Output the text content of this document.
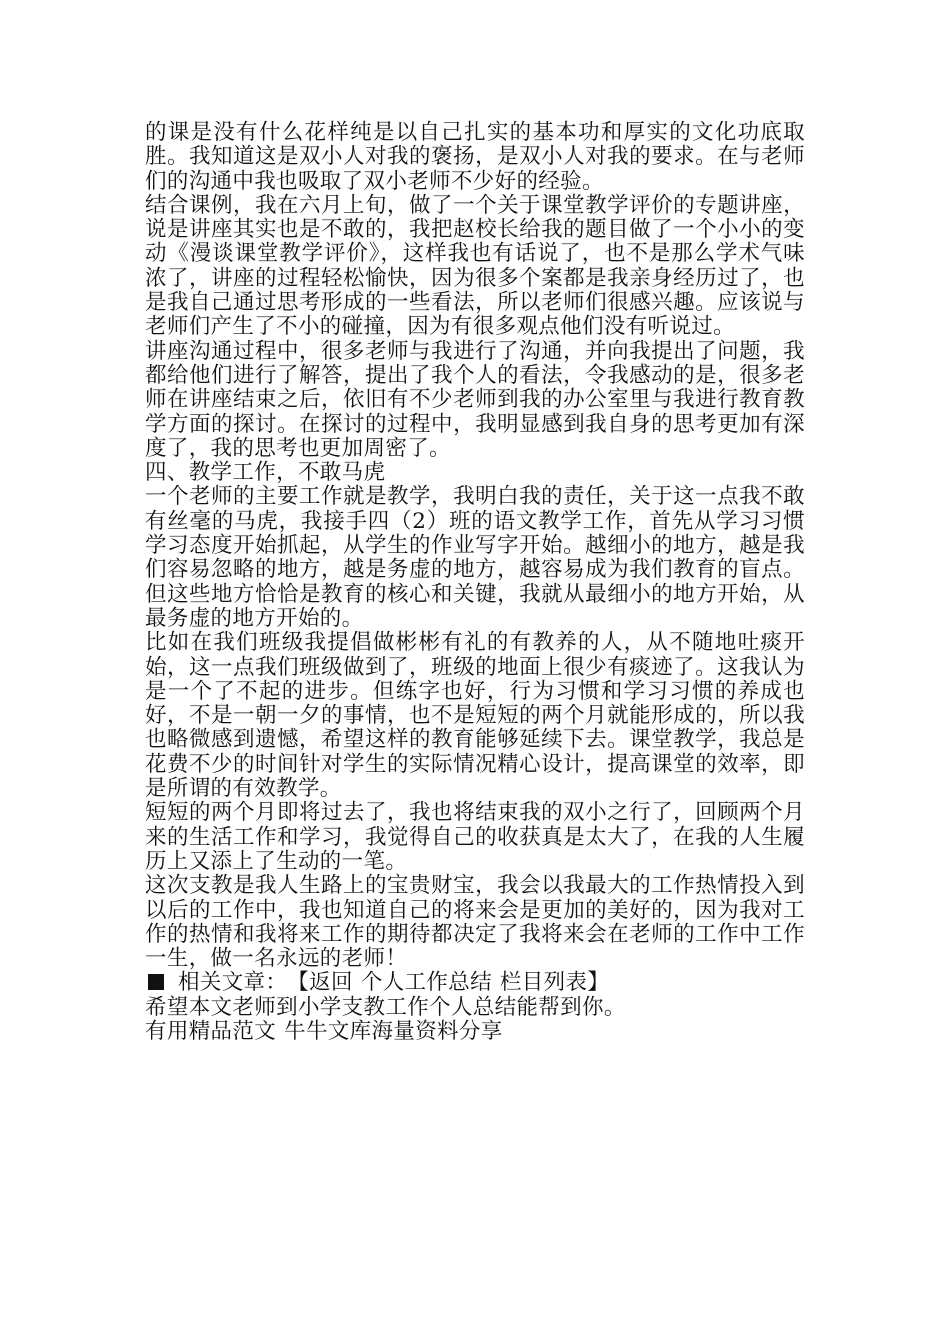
的课是没有什么花样纯是以自己扎实的基本功和厚实的文化功底取胜。我知道这是双小人对我的褒扬，是双小人对我的要求。在与老师们的沟通中我也吸取了双小老师不少好的经验。

结合课例，我在六月上旬，做了一个关于课堂教学评价的专题讲座，说是讲座其实也是不敢的，我把赵校长给我的题目做了一个小小的变动《漫谈课堂教学评价》，这样我也有话说了，也不是那么学术气味浓了，讲座的过程轻松愉快，因为很多个案都是我亲身经历过了，也是我自己通过思考形成的一些看法，所以老师们很感兴趣。应该说与老师们产生了不小的碰撞，因为有很多观点他们没有听说过。

讲座沟通过程中，很多老师与我进行了沟通，并向我提出了问题，我都给他们进行了解答，提出了我个人的看法，令我感动的是，很多老师在讲座结束之后，依旧有不少老师到我的办公室里与我进行教育教学方面的探讨。在探讨的过程中，我明显感到我自身的思考更加有深度了，我的思考也更加周密了。

四、教学工作，不敢马虎

一个老师的主要工作就是教学，我明白我的责任，关于这一点我不敢有丝毫的马虎，我接手四（2）班的语文教学工作，首先从学习习惯学习态度开始抓起，从学生的作业写字开始。越细小的地方，越是我们容易忽略的地方，越是务虚的地方，越容易成为我们教育的盲点。但这些地方恰恰是教育的核心和关键，我就从最细小的地方开始，从最务虚的地方开始的。

比如在我们班级我提倡做彬彬有礼的有教养的人，从不随地吐痰开始，这一点我们班级做到了，班级的地面上很少有痰迹了。这我认为是一个了不起的进步。但练字也好，行为习惯和学习习惯的养成也好，不是一朝一夕的事情，也不是短短的两个月就能形成的，所以我也略微感到遗憾，希望这样的教育能够延续下去。课堂教学，我总是花费不少的时间针对学生的实际情况精心设计，提高课堂的效率，即是所谓的有效教学。

短短的两个月即将过去了，我也将结束我的双小之行了，回顾两个月来的生活工作和学习，我觉得自己的收获真是太大了，在我的人生履历上又添上了生动的一笔。

这次支教是我人生路上的宝贵财宝，我会以我最大的工作热情投入到以后的工作中，我也知道自己的将来会是更加的美好的，因为我对工作的热情和我将来工作的期待都决定了我将来会在老师的工作中工作一生，做一名永远的老师！

相关文章： 【 返回 个人工作总结 栏目列表 】

希望本文老师到小学支教工作个人总结能帮到你。

有用精品范文 牛牛文库海量资料分享
